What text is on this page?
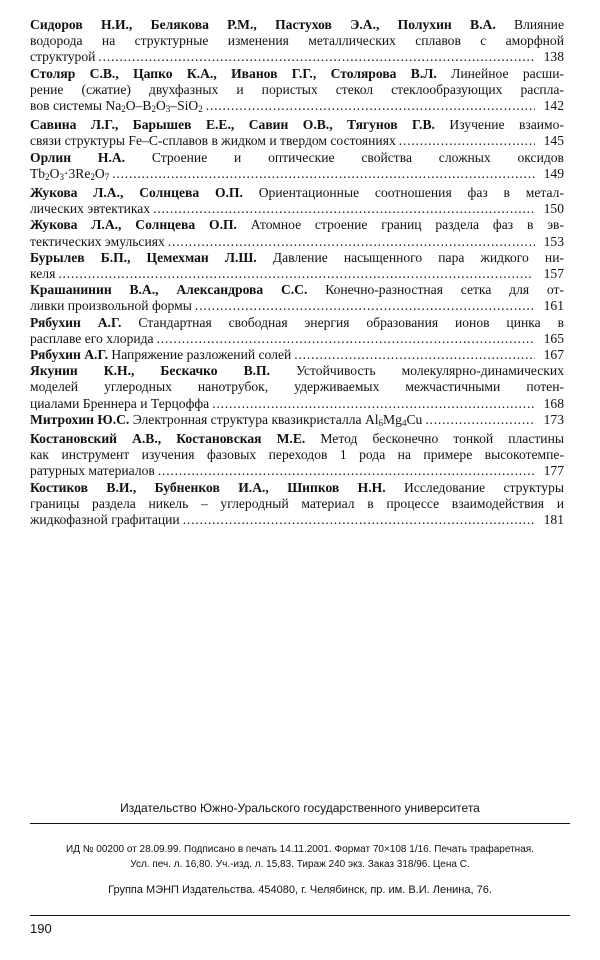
Сидоров Н.И., Белякова Р.М., Пастухов Э.А., Полухин В.А. Влияние
водорода на структурные изменения металлических сплавов с аморфной
структурой . . .	138
Столяр С.В., Цапко К.А., Иванов Г.Г., Столярова В.Л. Линейное расши-
рение (сжатие) двухфазных и пористых стекол стеклообразующих распла-
вов системы $Na_2O-B_2O_3-SiO_2$ . . .	142
Савина Л.Г., Барышев Е.Е., Савин О.В., Тягунов Г.В. Изучение взаимо-
связи структуры Fe–C-сплавов в жидком и твердом состояниях . . .	145
Орлин Н.А. Строение и оптические свойства сложных оксидов
$Tb_2O_3\cdot 3Re_2O_7$ . . .	149
Жукова Л.А., Солнцева О.П. Ориентационные соотношения фаз в метал-
лических эвтектиках . . .	150
Жукова Л.А., Солнцева О.П. Атомное строение границ раздела фаз в эв-
тектических эмульсиях . . .	153
Бурылев Б.П., Цемехман Л.Ш. Давление насыщенного пара жидкого ни-
келя . . .	157
Крашанинин В.А., Александрова С.С. Конечно-разностная сетка для от-
ливки произвольной формы . . .	161
Рябухин А.Г. Стандартная свободная энергия образования ионов цинка в
расплаве его хлорида . . .	165
Рябухин А.Г. Напряжение разложений солей . . .	167
Якунин К.Н., Бескачко В.П. Устойчивость молекулярно-динамических
моделей углеродных нанотрубок, удерживаемых межчастичными потен-
циалами Бреннера и Терцоффа . . .	168
Митрохин Ю.С. Электронная структура квазикристалла $Al_6Mg_4Cu$ . . .	173
Костановский А.В., Костановская М.Е. Метод бесконечно тонкой пластины
как инструмент изучения фазовых переходов 1 рода на примере высокотемпе-
ратурных материалов . . .	177
Костиков В.И., Бубненков И.А., Шипков Н.Н. Исследование структуры
границы раздела никель – углеродный материал в процессе взаимодействия и
жидкофазной графитации . . .	181
Издательство Южно-Уральского государственного университета
ИД № 00200 от 28.09.99. Подписано в печать 14.11.2001. Формат 70×108 1/16. Печать трафаретная.
Усл. печ. л. 16,80. Уч.-изд. л. 15,83. Тираж 240 экз. Заказ 318/96. Цена С.
Группа МЭНП Издательства. 454080, г. Челябинск, пр. им. В.И. Ленина, 76.
190
